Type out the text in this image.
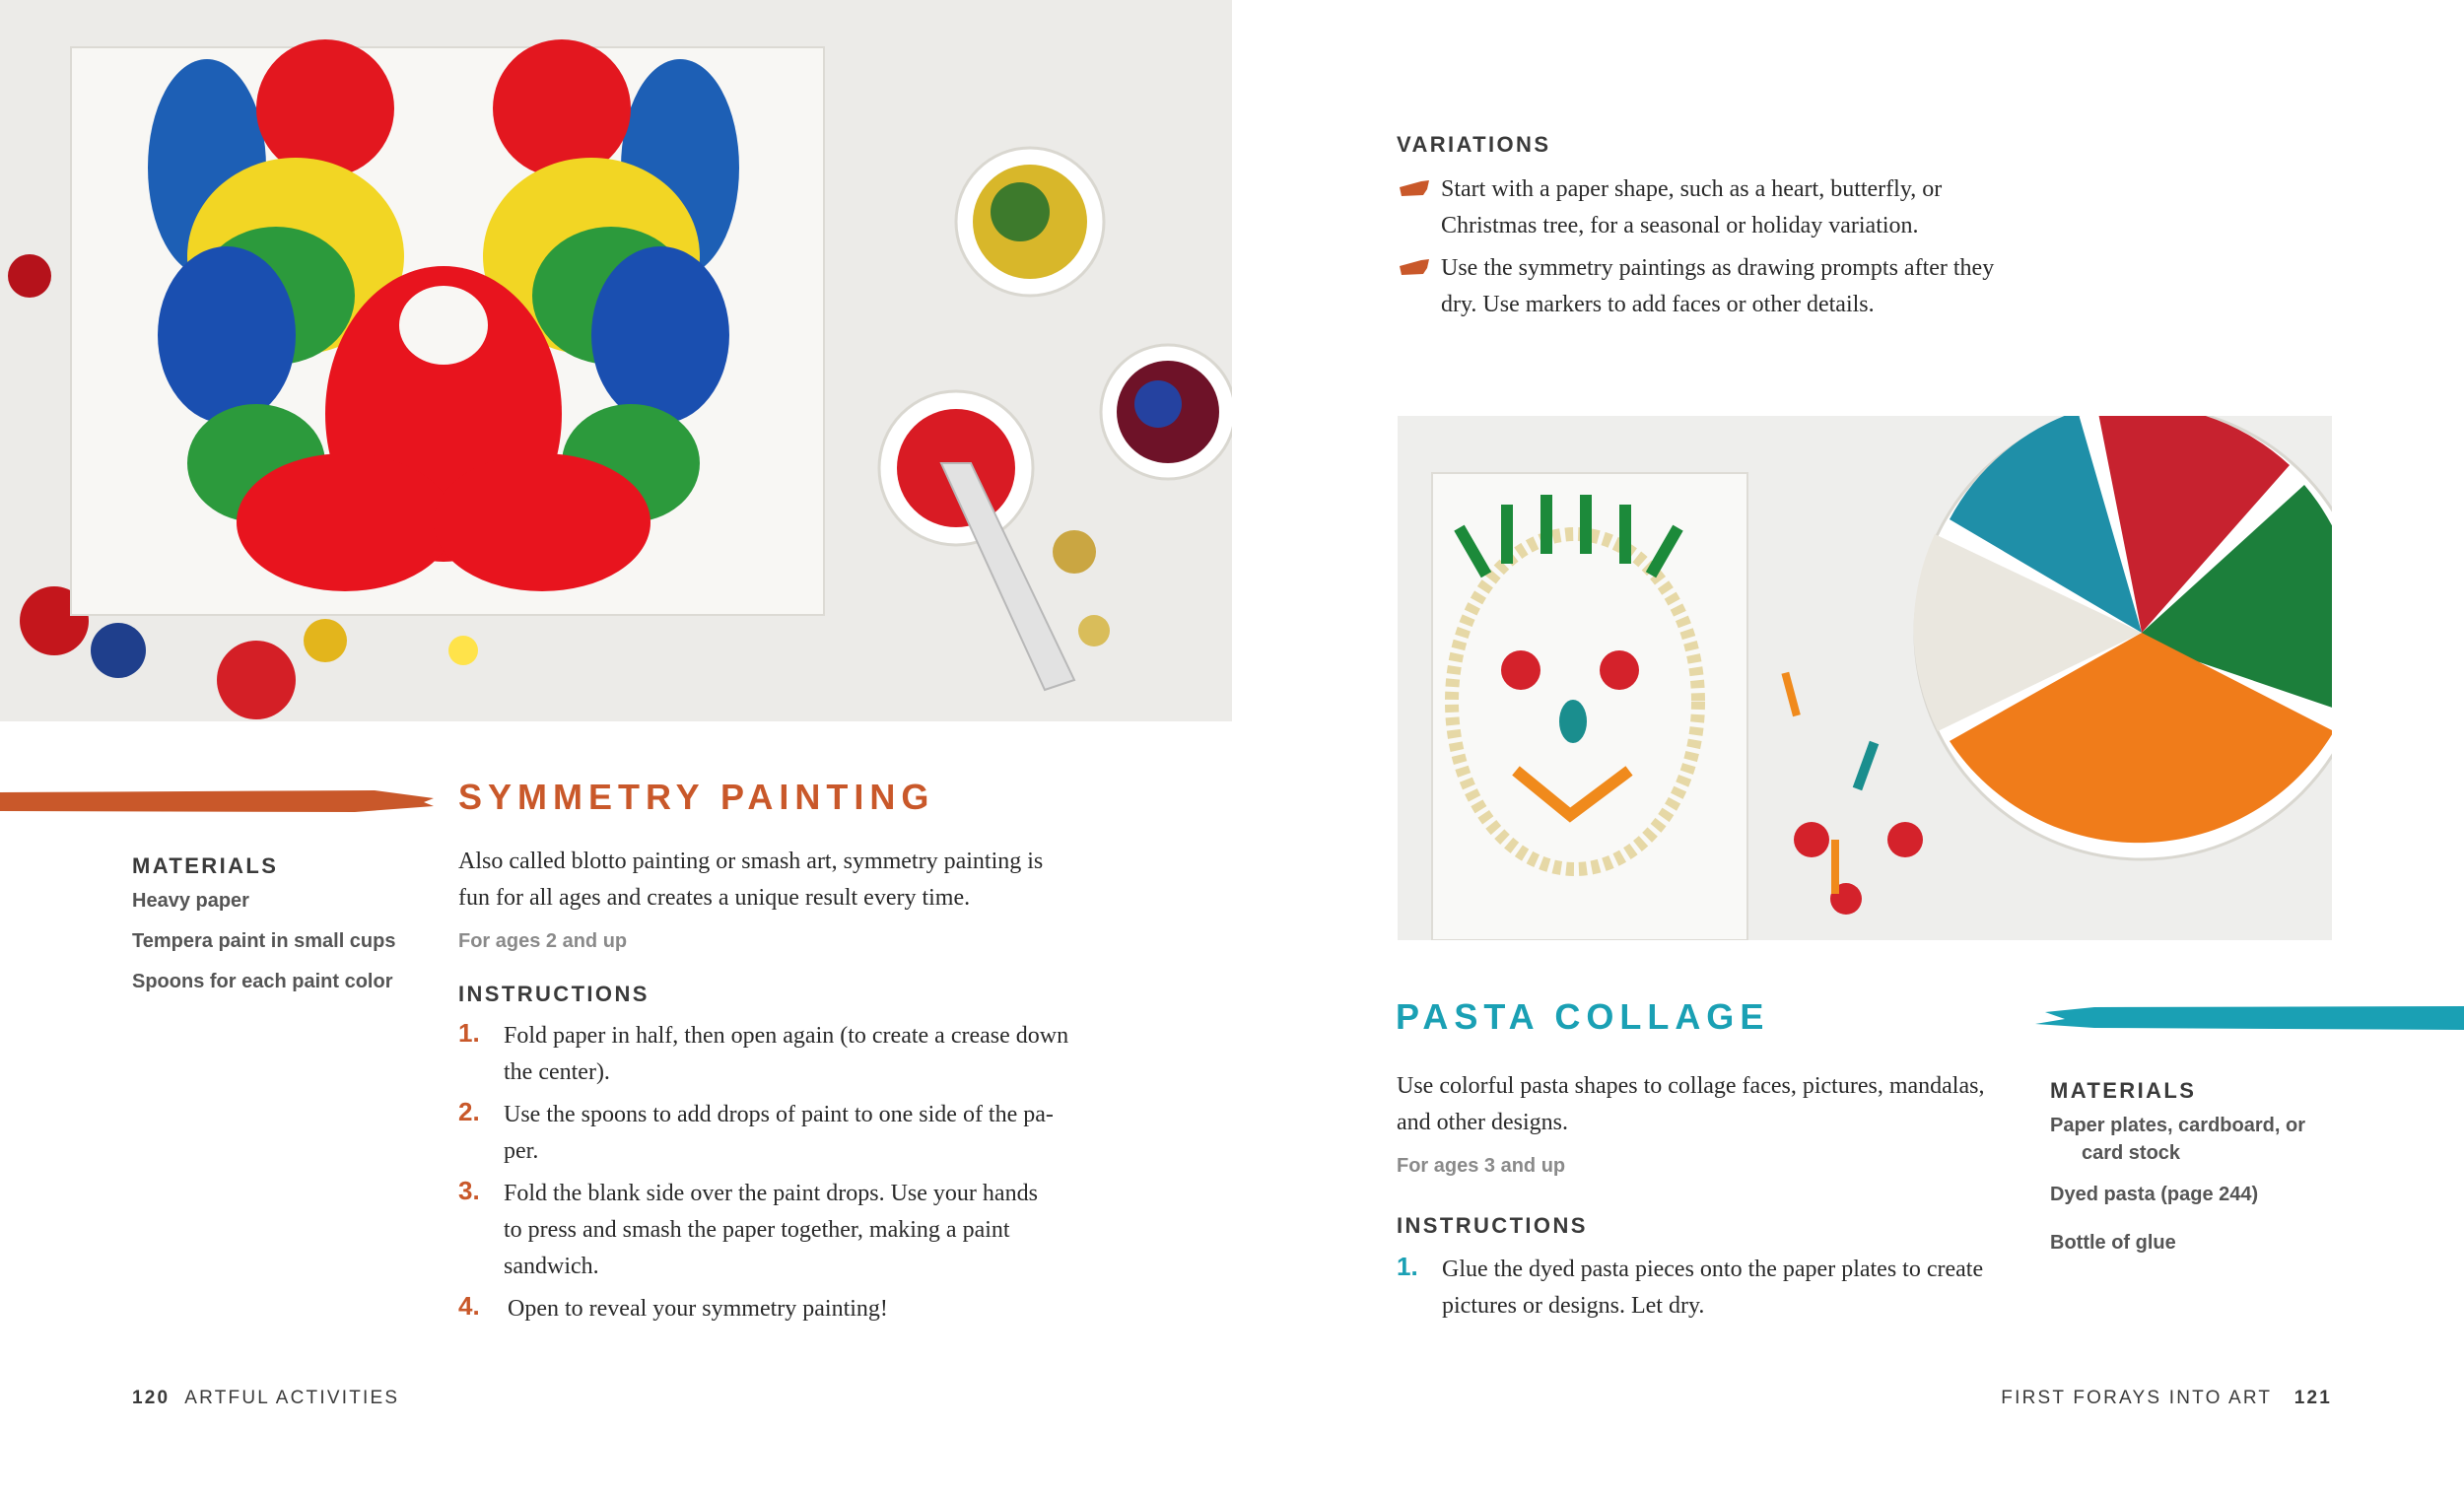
SYMMETRY PAINTING
MATERIALS
Heavy paper
Tempera paint in small cups
Spoons for each paint color
Also called blotto painting or smash art, symmetry painting is
fun for all ages and creates a unique result every time.
For ages 2 and up
INSTRUCTIONS
1. Fold paper in half, then open again (to create a crease down
the center).
2. Use the spoons to add drops of paint to one side of the pa-
per.
3. Fold the blank side over the paint drops. Use your hands
to press and smash the paper together, making a paint
sandwich.
4. Open to reveal your symmetry painting!
120 ARTFUL ACTIVITIES
VARIATIONS
Start with a paper shape, such as a heart, butterfly, or
Christmas tree, for a seasonal or holiday variation.
Use the symmetry paintings as drawing prompts after they
dry. Use markers to add faces or other details.
PASTA COLLAGE
Use colorful pasta shapes to collage faces, pictures, mandalas,
and other designs.
For ages 3 and up
INSTRUCTIONS
1. Glue the dyed pasta pieces onto the paper plates to create
pictures or designs. Let dry.
MATERIALS
Paper plates, cardboard, or
card stock
Dyed pasta (page 244)
Bottle of glue
FIRST FORAYS INTO ART 121
